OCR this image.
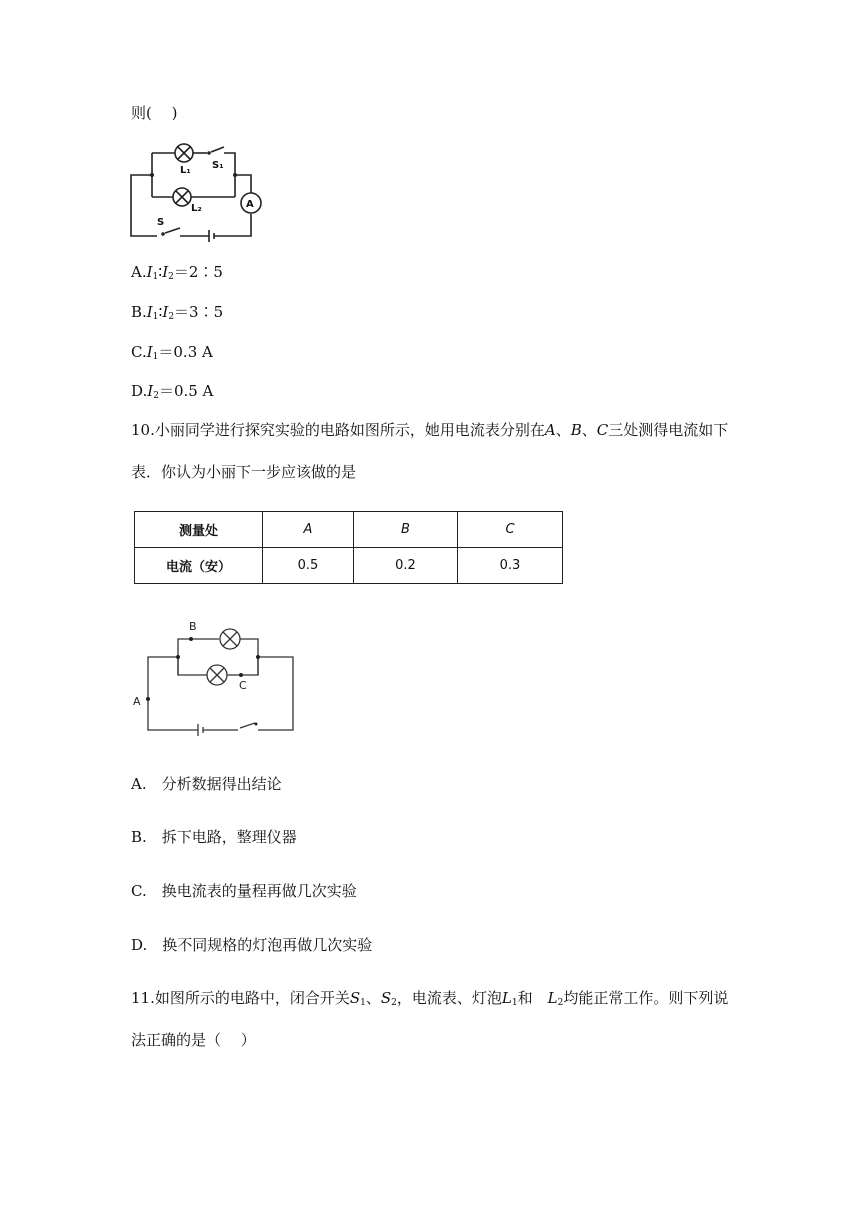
则(　 )
L₁ S₁
L₂
S
A
$A.I_1∶I_2=2∶5$
$B.I_1∶I_2=3∶5$
$C.I_1=0.3$ A
$D.I_2=0.5$ A
10.小丽同学进行探究实验的电路如图所示，她用电流表分别在A、B、C三处测得电流如下
表．你认为小丽下一步应该做的是
测量处	A	B	C
电流（安）	0.5	0.2	0.3
B
C
A
A.　分析数据得出结论
B.　拆下电路，整理仪器
C.　换电流表的量程再做几次实验
D.　换不同规格的灯泡再做几次实验
11.如图所示的电路中，闭合开关$S_1$、$S_2$，电流表、灯泡$L_1$和　$L_2$均能正常工作。则下列说
法正确的是（　 ）
